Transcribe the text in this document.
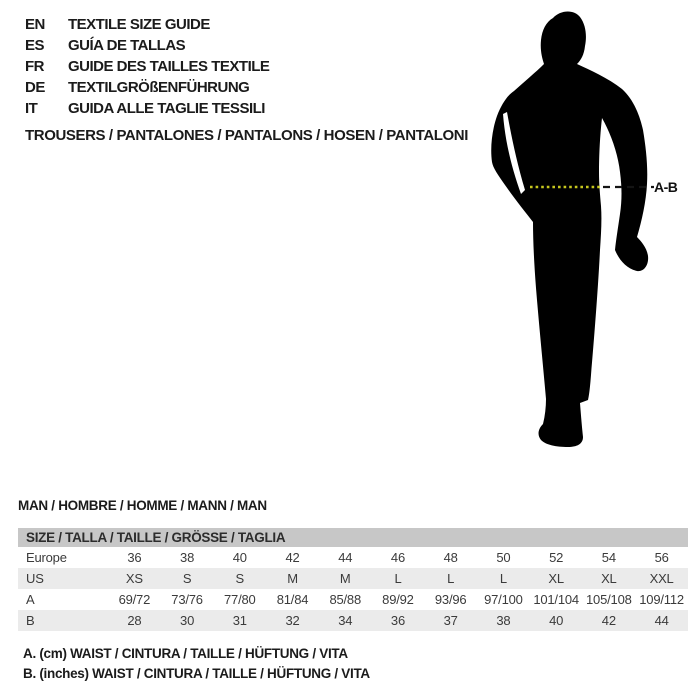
EN	TEXTILE SIZE GUIDE
ES	GUÍA DE TALLAS
FR	GUIDE DES TAILLES TEXTILE
DE	TEXTILGRÖßENFÜHRUNG
IT	GUIDA ALLE TAGLIE TESSILI
TROUSERS / PANTALONES / PANTALONS / HOSEN / PANTALONI
A-B
MAN / HOMBRE / HOMME / MANN / MAN
SIZE / TALLA / TAILLE / GRÖSSE / TAGLIA											
Europe	36	38	40	42	44	46	48	50	52	54	56
US	XS	S	S	M	M	L	L	L	XL	XL	XXL
A	69/72	73/76	77/80	81/84	85/88	89/92	93/96	97/100	101/104	105/108	109/112
B	28	30	31	32	34	36	37	38	40	42	44
A. (cm) WAIST / CINTURA / TAILLE / HÜFTUNG / VITA
B. (inches) WAIST / CINTURA / TAILLE / HÜFTUNG / VITA
